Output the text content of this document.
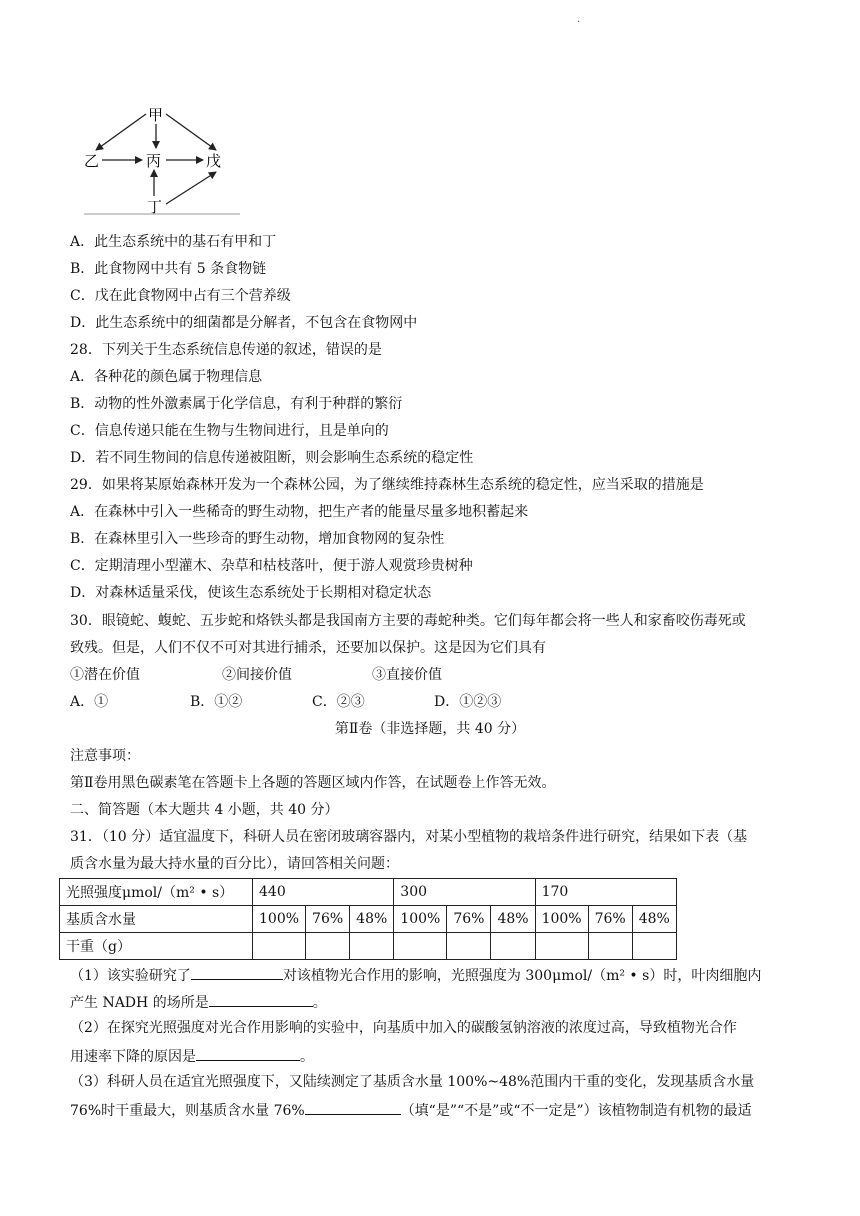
.
甲
乙	丙	戊
丁
A．此生态系统中的基石有甲和丁
B．此食物网中共有 5 条食物链
C．戊在此食物网中占有三个营养级
D．此生态系统中的细菌都是分解者，不包含在食物网中
28．下列关于生态系统信息传递的叙述，错误的是
A．各种花的颜色属于物理信息
B．动物的性外激素属于化学信息，有利于种群的繁衍
C．信息传递只能在生物与生物间进行，且是单向的
D．若不同生物间的信息传递被阻断，则会影响生态系统的稳定性
29．如果将某原始森林开发为一个森林公园，为了继续维持森林生态系统的稳定性，应当采取的措施是
A．在森林中引入一些稀奇的野生动物，把生产者的能量尽量多地积蓄起来
B．在森林里引入一些珍奇的野生动物，增加食物网的复杂性
C．定期清理小型灌木、杂草和枯枝落叶，便于游人观赏珍贵树种
D．对森林适量采伐，使该生态系统处于长期相对稳定状态
30．眼镜蛇、蝮蛇、五步蛇和烙铁头都是我国南方主要的毒蛇种类。它们每年都会将一些人和家畜咬伤毒死或
致残。但是，人们不仅不可对其进行捕杀，还要加以保护。这是因为它们具有
①潜在价值	②间接价值	③直接价值
A．①	B．①②	C．②③	D．①②③
第Ⅱ卷（非选择题，共 40 分）
注意事项：
第Ⅱ卷用黑色碳素笔在答题卡上各题的答题区域内作答，在试题卷上作答无效。
二、简答题（本大题共 4 小题，共 40 分）
31．（10 分）适宜温度下，科研人员在密闭玻璃容器内，对某小型植物的栽培条件进行研究，结果如下表（基
质含水量为最大持水量的百分比），请回答相关问题：
光照强度μmol/（m² • s）	440			300			170		
基质含水量	100%	76%	48%	100%	76%	48%	100%	76%	48%
干重（g）									
（1）该实验研究了	对该植物光合作用的影响，光照强度为 300μmol/（m² • s）时，叶肉细胞内
产生 NADH 的场所是	。
（2）在探究光照强度对光合作用影响的实验中，向基质中加入的碳酸氢钠溶液的浓度过高，导致植物光合作
用速率下降的原因是	。
（3）科研人员在适宜光照强度下，又陆续测定了基质含水量 100%~48%范围内干重的变化，发现基质含水量
76%时干重最大，则基质含水量 76%	（填“是”“不是”或“不一定是”）该植物制造有机物的最适
